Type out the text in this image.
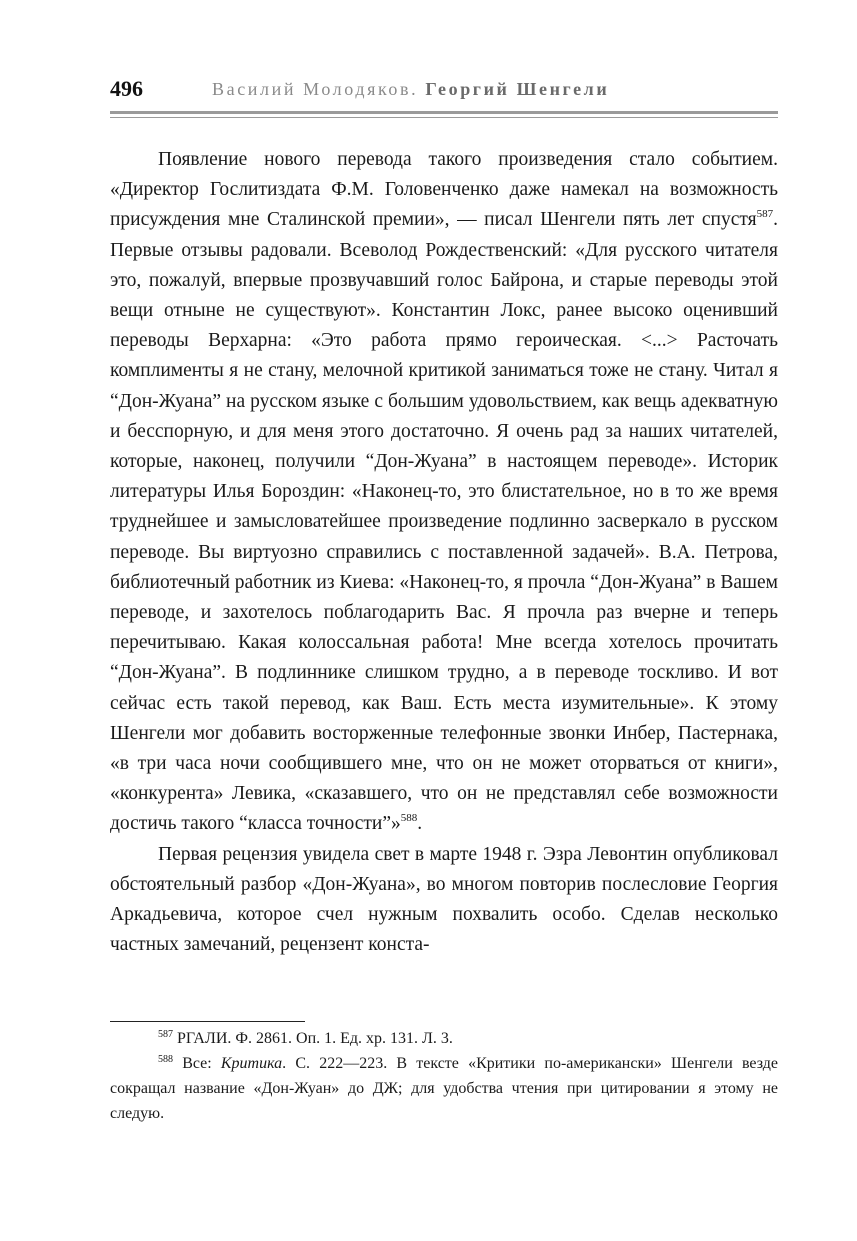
496	Василий Молодяков. Георгий Шенгели

Появление нового перевода такого произведения стало событием. «Директор Гослитиздата Ф.М. Головенченко даже намекал на возможность присуждения мне Сталинской премии», — писал Шенгели пять лет спустя$^{587}$. Первые отзывы радовали. Всеволод Рождественский: «Для русского читателя это, пожалуй, впервые прозвучавший голос Байрона, и старые переводы этой вещи отныне не существуют». Константин Локс, ранее высоко оценивший переводы Верхарна: «Это работа прямо героическая. <...> Расточать комплименты я не стану, мелочной критикой заниматься тоже не стану. Читал я “Дон-Жуана” на русском языке с большим удовольствием, как вещь адекватную и бесспорную, и для меня этого достаточно. Я очень рад за наших читателей, которые, наконец, получили “Дон-Жуана” в настоящем переводе». Историк литературы Илья Бороздин: «Наконец-то, это блистательное, но в то же время труднейшее и замысловатейшее произведение подлинно засверкало в русском переводе. Вы виртуозно справились с поставленной задачей». В.А. Петрова, библиотечный работник из Киева: «Наконец-то, я прочла “Дон-Жуана” в Вашем переводе, и захотелось поблагодарить Вас. Я прочла раз вчерне и теперь перечитываю. Какая колоссальная работа! Мне всегда хотелось прочитать “Дон-Жуана”. В подлиннике слишком трудно, а в переводе тоскливо. И вот сейчас есть такой перевод, как Ваш. Есть места изумительные». К этому Шенгели мог добавить восторженные телефонные звонки Инбер, Пастернака, «в три часа ночи сообщившего мне, что он не может оторваться от книги», «конкурента» Левика, «сказавшего, что он не представлял себе возможности достичь такого “класса точности”»$^{588}$.

Первая рецензия увидела свет в марте 1948 г. Эзра Левонтин опубликовал обстоятельный разбор «Дон-Жуана», во многом повторив послесловие Георгия Аркадьевича, которое счел нужным похвалить особо. Сделав несколько частных замечаний, рецензент конста-

$^{587}$ РГАЛИ. Ф. 2861. Оп. 1. Ед. хр. 131. Л. 3.

$^{588}$ Все: Критика. С. 222—223. В тексте «Критики по-американски» Шенгели везде сокращал название «Дон-Жуан» до ДЖ; для удобства чтения при цитировании я этому не следую.
